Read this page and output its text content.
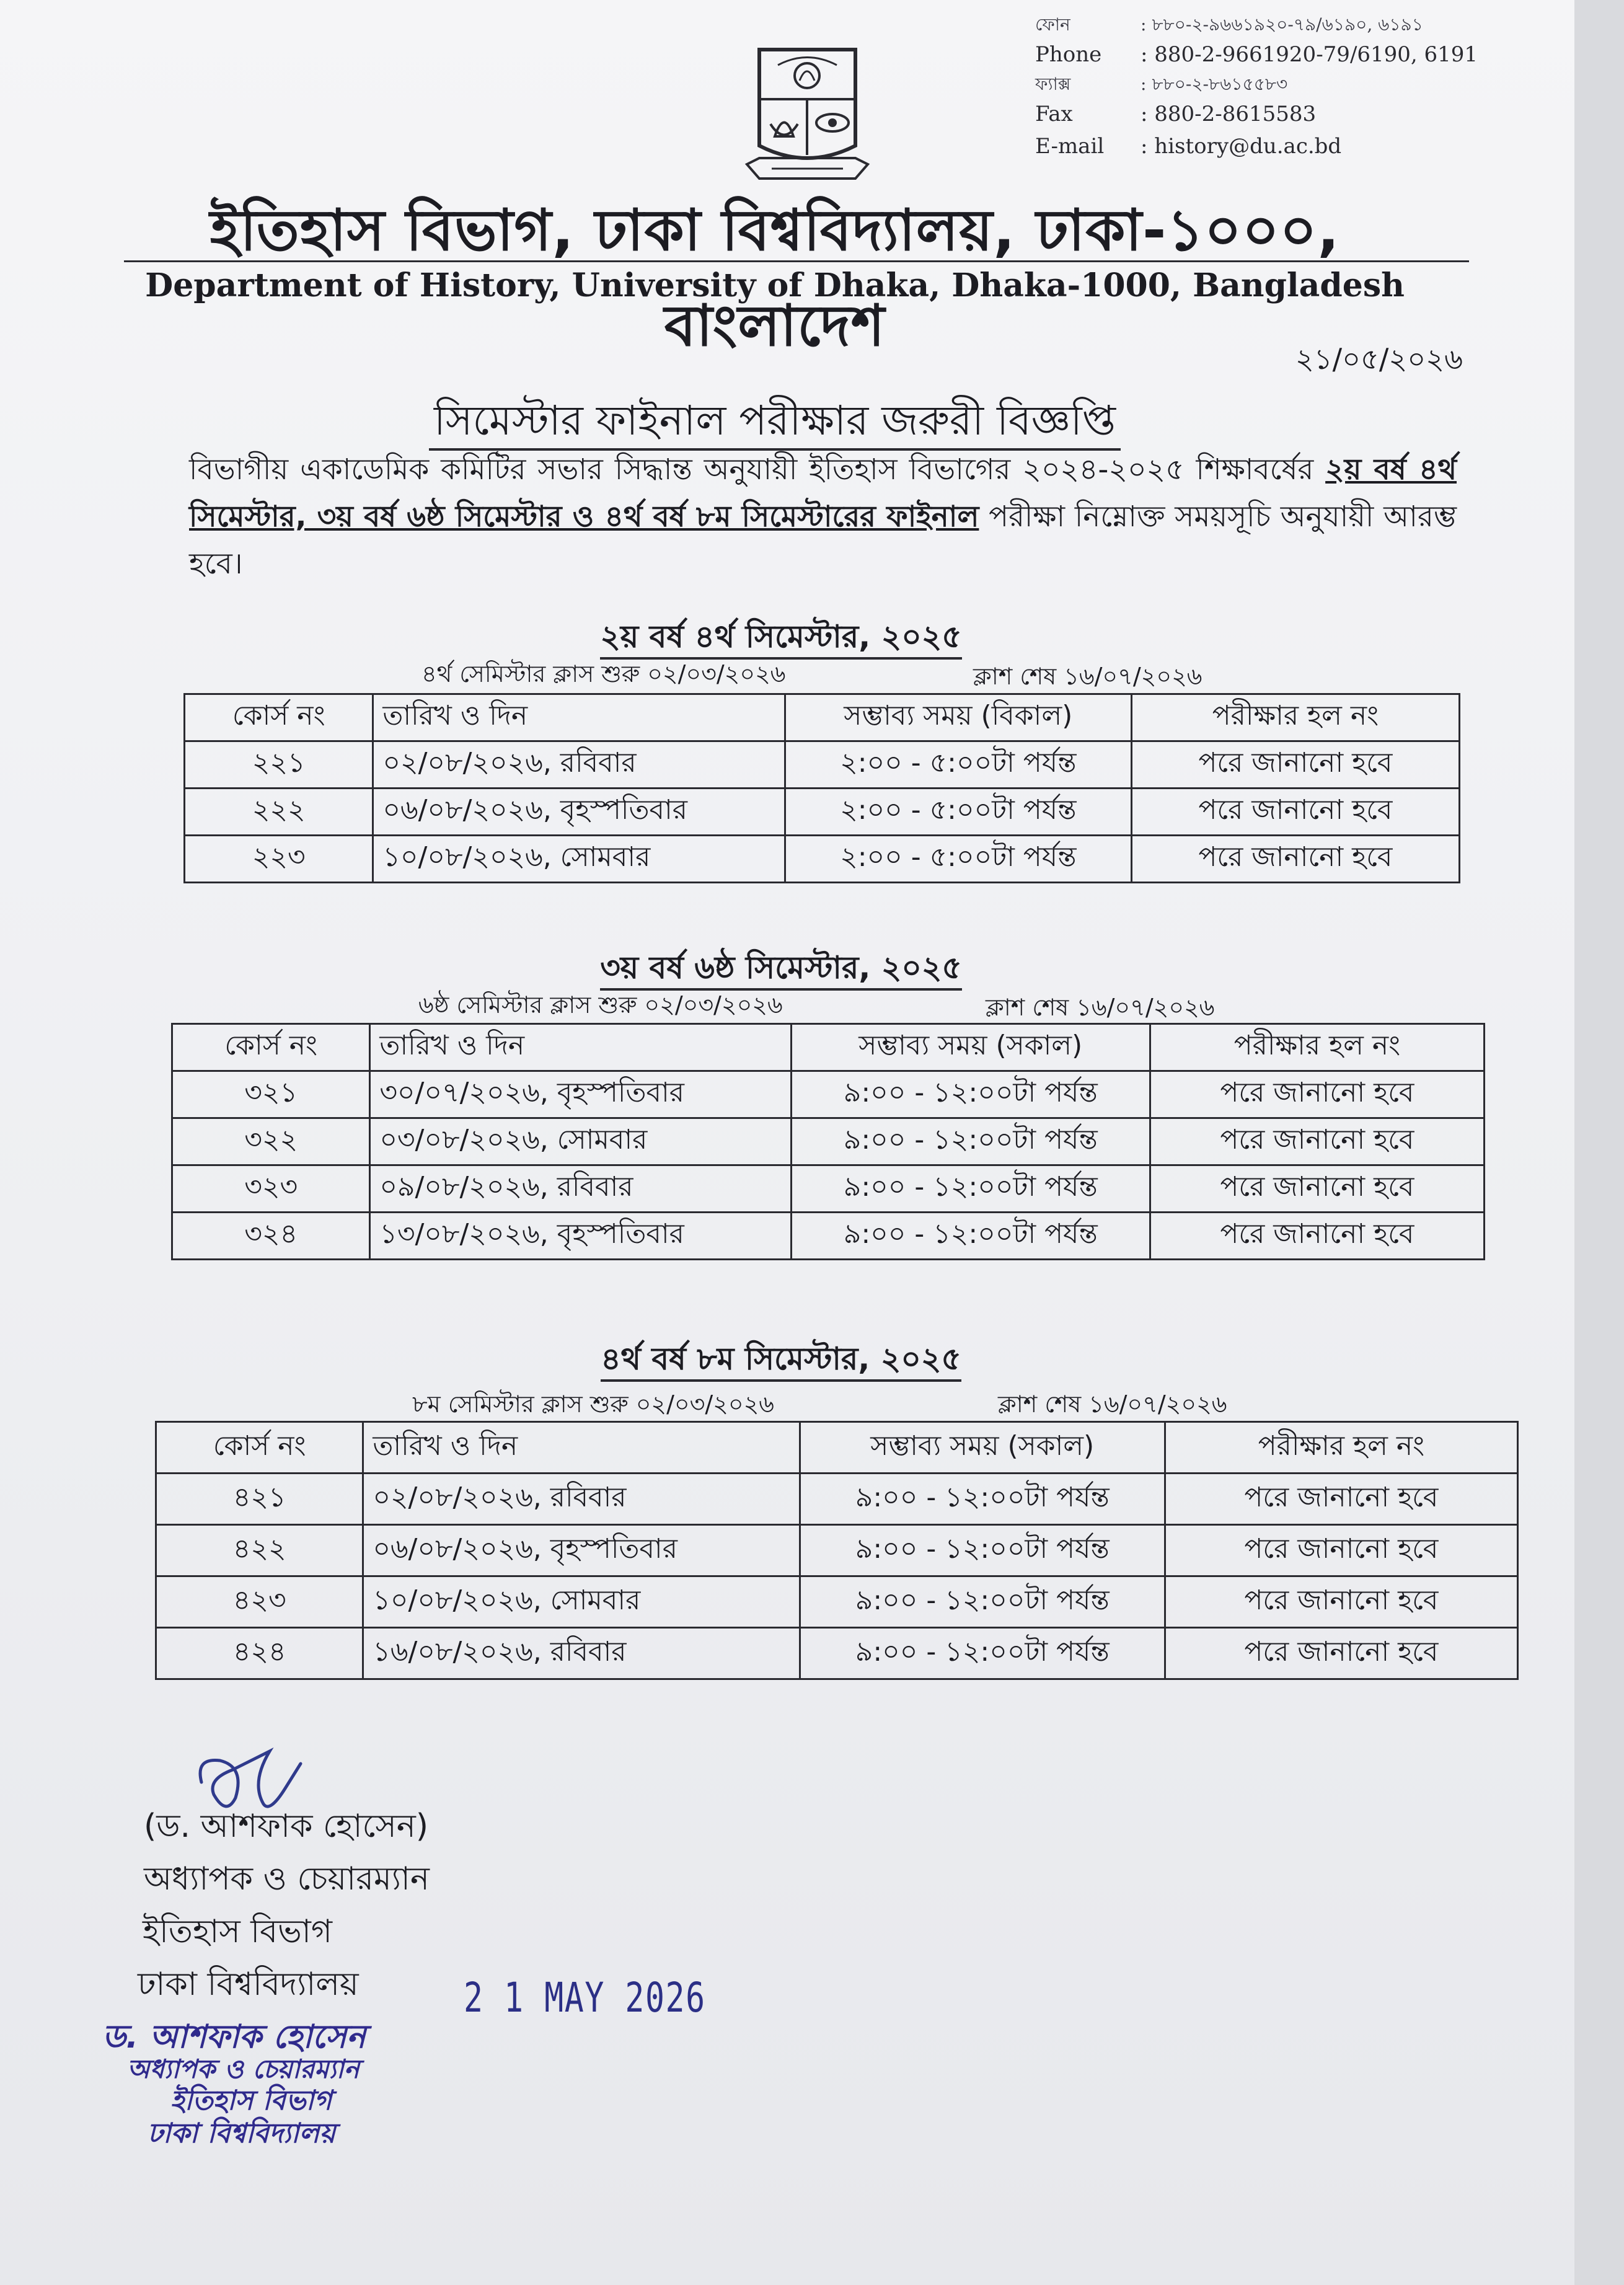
ফোন	: ৮৮০-২-৯৬৬১৯২০-৭৯/৬১৯০, ৬১৯১
Phone	: 880-2-9661920-79/6190, 6191
ফ্যাক্স	: ৮৮০-২-৮৬১৫৫৮৩
Fax	: 880-2-8615583
E-mail	: history@du.ac.bd
ইতিহাস বিভাগ, ঢাকা বিশ্ববিদ্যালয়, ঢাকা-১০০০, বাংলাদেশ
Department of History, University of Dhaka, Dhaka-1000, Bangladesh
২১/০৫/২০২৬
সিমেস্টার ফাইনাল পরীক্ষার জরুরী বিজ্ঞপ্তি
বিভাগীয় একাডেমিক কমিটির সভার সিদ্ধান্ত অনুযায়ী ইতিহাস বিভাগের ২০২৪-২০২৫ শিক্ষাবর্ষের ২য় বর্ষ ৪র্থ সিমেস্টার, ৩য় বর্ষ ৬ষ্ঠ সিমেস্টার ও ৪র্থ বর্ষ ৮ম সিমেস্টারের ফাইনাল পরীক্ষা নিম্নোক্ত সময়সূচি অনুযায়ী আরম্ভ হবে।
২য় বর্ষ ৪র্থ সিমেস্টার, ২০২৫
৪র্থ সেমিস্টার ক্লাস শুরু ০২/০৩/২০২৬	ক্লাশ শেষ ১৬/০৭/২০২৬
কোর্স নং	তারিখ ও দিন	সম্ভাব্য সময় (বিকাল)	পরীক্ষার হল নং
২২১	০২/০৮/২০২৬, রবিবার	২:০০ - ৫:০০টা পর্যন্ত	পরে জানানো হবে
২২২	০৬/০৮/২০২৬, বৃহস্পতিবার	২:০০ - ৫:০০টা পর্যন্ত	পরে জানানো হবে
২২৩	১০/০৮/২০২৬, সোমবার	২:০০ - ৫:০০টা পর্যন্ত	পরে জানানো হবে
৩য় বর্ষ ৬ষ্ঠ সিমেস্টার, ২০২৫
৬ষ্ঠ সেমিস্টার ক্লাস শুরু ০২/০৩/২০২৬	ক্লাশ শেষ ১৬/০৭/২০২৬
কোর্স নং	তারিখ ও দিন	সম্ভাব্য সময় (সকাল)	পরীক্ষার হল নং
৩২১	৩০/০৭/২০২৬, বৃহস্পতিবার	৯:০০ - ১২:০০টা পর্যন্ত	পরে জানানো হবে
৩২২	০৩/০৮/২০২৬, সোমবার	৯:০০ - ১২:০০টা পর্যন্ত	পরে জানানো হবে
৩২৩	০৯/০৮/২০২৬, রবিবার	৯:০০ - ১২:০০টা পর্যন্ত	পরে জানানো হবে
৩২৪	১৩/০৮/২০২৬, বৃহস্পতিবার	৯:০০ - ১২:০০টা পর্যন্ত	পরে জানানো হবে
৪র্থ বর্ষ ৮ম সিমেস্টার, ২০২৫
৮ম সেমিস্টার ক্লাস শুরু ০২/০৩/২০২৬	ক্লাশ শেষ ১৬/০৭/২০২৬
কোর্স নং	তারিখ ও দিন	সম্ভাব্য সময় (সকাল)	পরীক্ষার হল নং
৪২১	০২/০৮/২০২৬, রবিবার	৯:০০ - ১২:০০টা পর্যন্ত	পরে জানানো হবে
৪২২	০৬/০৮/২০২৬, বৃহস্পতিবার	৯:০০ - ১২:০০টা পর্যন্ত	পরে জানানো হবে
৪২৩	১০/০৮/২০২৬, সোমবার	৯:০০ - ১২:০০টা পর্যন্ত	পরে জানানো হবে
৪২৪	১৬/০৮/২০২৬, রবিবার	৯:০০ - ১২:০০টা পর্যন্ত	পরে জানানো হবে
(ড. আশফাক হোসেন)
অধ্যাপক ও চেয়ারম্যান
ইতিহাস বিভাগ
ঢাকা বিশ্ববিদ্যালয়	2 1 MAY 2026
ড. আশফাক হোসেন
অধ্যাপক ও চেয়ারম্যান
ইতিহাস বিভাগ
ঢাকা বিশ্ববিদ্যালয়
